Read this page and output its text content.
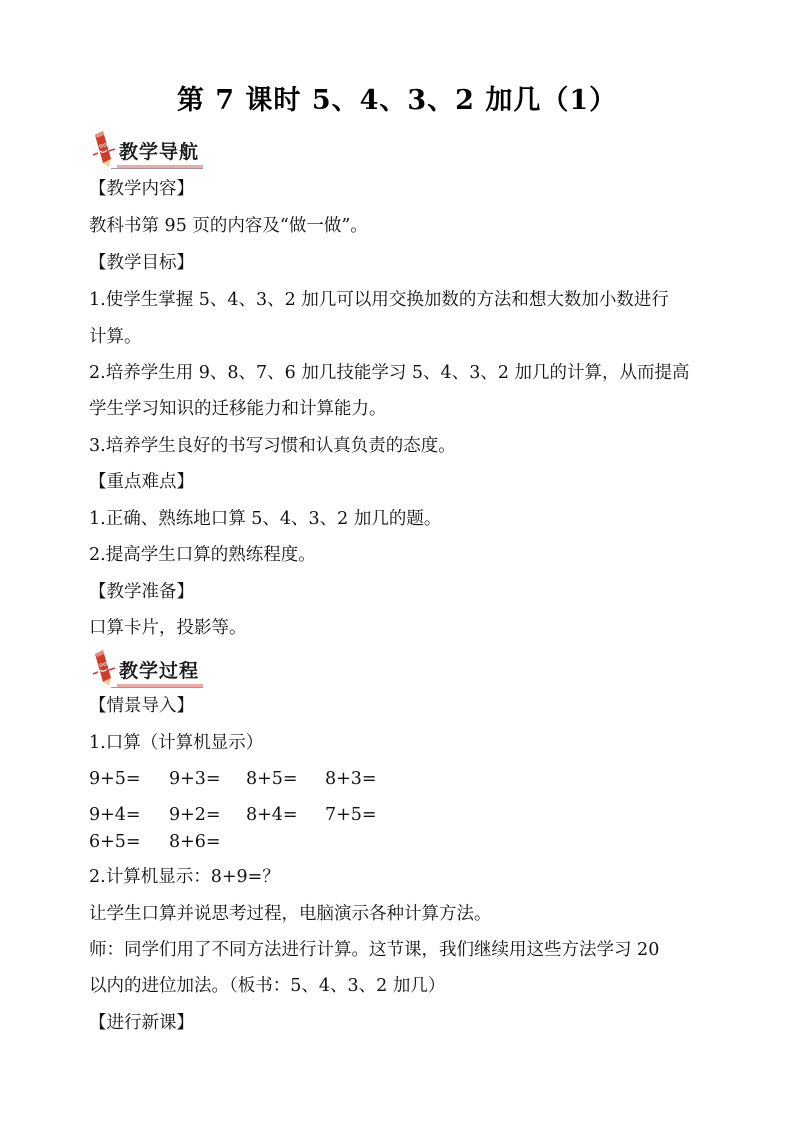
第 7 课时 5、4、3、2 加几（1）
教学导航
【教学内容】
教科书第 95 页的内容及“做一做”。
【教学目标】
1.使学生掌握 5、4、3、2 加几可以用交换加数的方法和想大数加小数进行
计算。
2.培养学生用 9、8、7、6 加几技能学习 5、4、3、2 加几的计算，从而提高
学生学习知识的迁移能力和计算能力。
3.培养学生良好的书写习惯和认真负责的态度。
【重点难点】
1.正确、熟练地口算 5、4、3、2 加几的题。
2.提高学生口算的熟练程度。
【教学准备】
口算卡片，投影等。
教学过程
【情景导入】
1.口算（计算机显示）
9+5= 9+3= 8+5= 8+3=
9+4= 9+2= 8+4= 7+5=
6+5= 8+6=
2.计算机显示：8+9=？
让学生口算并说思考过程，电脑演示各种计算方法。
师：同学们用了不同方法进行计算。这节课，我们继续用这些方法学习 20
以内的进位加法。（板书：5、4、3、2 加几）
【进行新课】
